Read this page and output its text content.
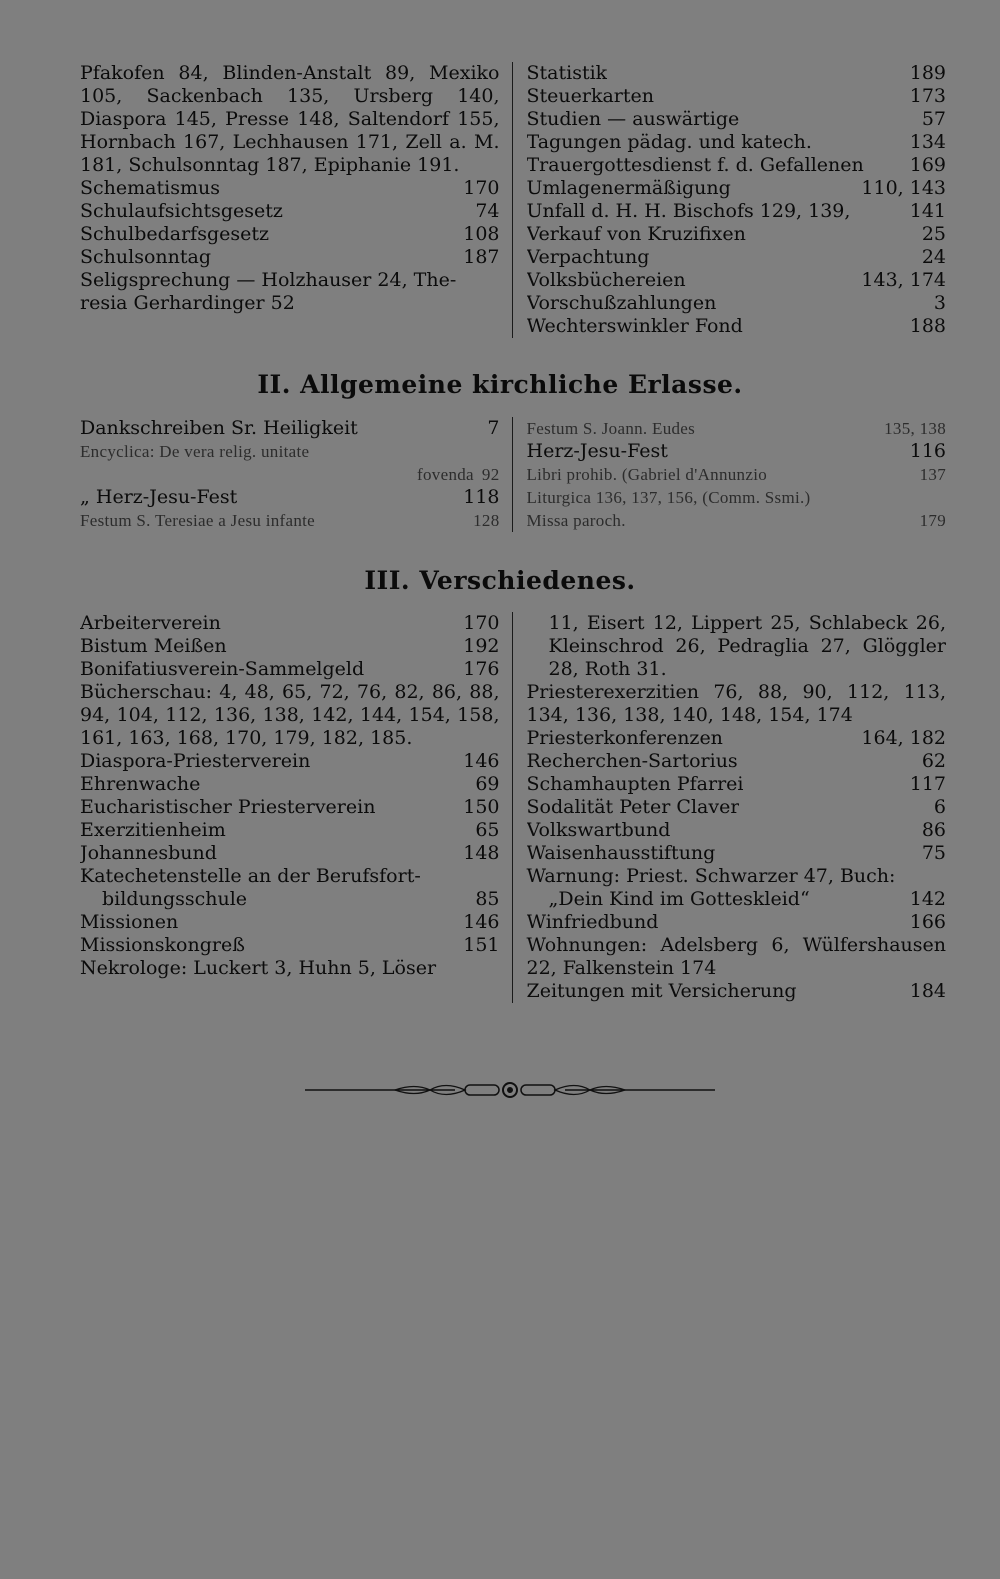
Pfakofen 84, Blinden-Anstalt 89, Mexiko 105, Sackenbach 135, Ursberg 140, Diaspora 145, Presse 148, Saltendorf 155, Hornbach 167, Lechhausen 171, Zell a. M. 181, Schulsonntag 187, Epiphanie 191.
Schematismus	170
Schulaufsichtsgesetz	74
Schulbedarfsgesetz	108
Schulsonntag	187
Seligsprechung — Holzhauser 24, The-
resia Gerhardinger 52
Statistik	189
Steuerkarten	173
Studien — auswärtige	57
Tagungen pädag. und katech.	134
Trauergottesdienst f. d. Gefallenen	169
Umlagenermäßigung	110, 143
Unfall d. H. H. Bischofs 129, 139,	141
Verkauf von Kruzifixen	25
Verpachtung	24
Volksbüchereien	143, 174
Vorschußzahlungen	3
Wechterswinkler Fond	188
II. Allgemeine kirchliche Erlasse.
Dankschreiben Sr. Heiligkeit	7
Encyclica: De vera relig. unitate
fovenda 92
„ Herz-Jesu-Fest	118
Festum S. Teresiae a Jesu infante	128
Festum S. Joann. Eudes	135, 138
Herz-Jesu-Fest	116
Libri prohib. (Gabriel d'Annunzio	137
Liturgica 136, 137, 156, (Comm. Ssmi.)
Missa paroch.	179
III. Verschiedenes.
Arbeiterverein	170
Bistum Meißen	192
Bonifatiusverein-Sammelgeld	176
Bücherschau: 4, 48, 65, 72, 76, 82, 86, 88, 94, 104, 112, 136, 138, 142, 144, 154, 158, 161, 163, 168, 170, 179, 182, 185.
Diaspora-Priesterverein	146
Ehrenwache	69
Eucharistischer Priesterverein	150
Exerzitienheim	65
Johannesbund	148
Katechetenstelle an der Berufsfort-
bildungsschule	85
Missionen	146
Missionskongreß	151
Nekrologe: Luckert 3, Huhn 5, Löser
11, Eisert 12, Lippert 25, Schlabeck 26, Kleinschrod 26, Pedraglia 27, Glöggler 28, Roth 31.
Priesterexerzitien 76, 88, 90, 112, 113, 134, 136, 138, 140, 148, 154, 174
Priesterkonferenzen	164, 182
Recherchen-Sartorius	62
Schamhaupten Pfarrei	117
Sodalität Peter Claver	6
Volkswartbund	86
Waisenhausstiftung	75
Warnung: Priest. Schwarzer 47, Buch:
„Dein Kind im Gotteskleid“	142
Winfriedbund	166
Wohnungen: Adelsberg 6, Wülfershausen 22, Falkenstein 174
Zeitungen mit Versicherung	184
